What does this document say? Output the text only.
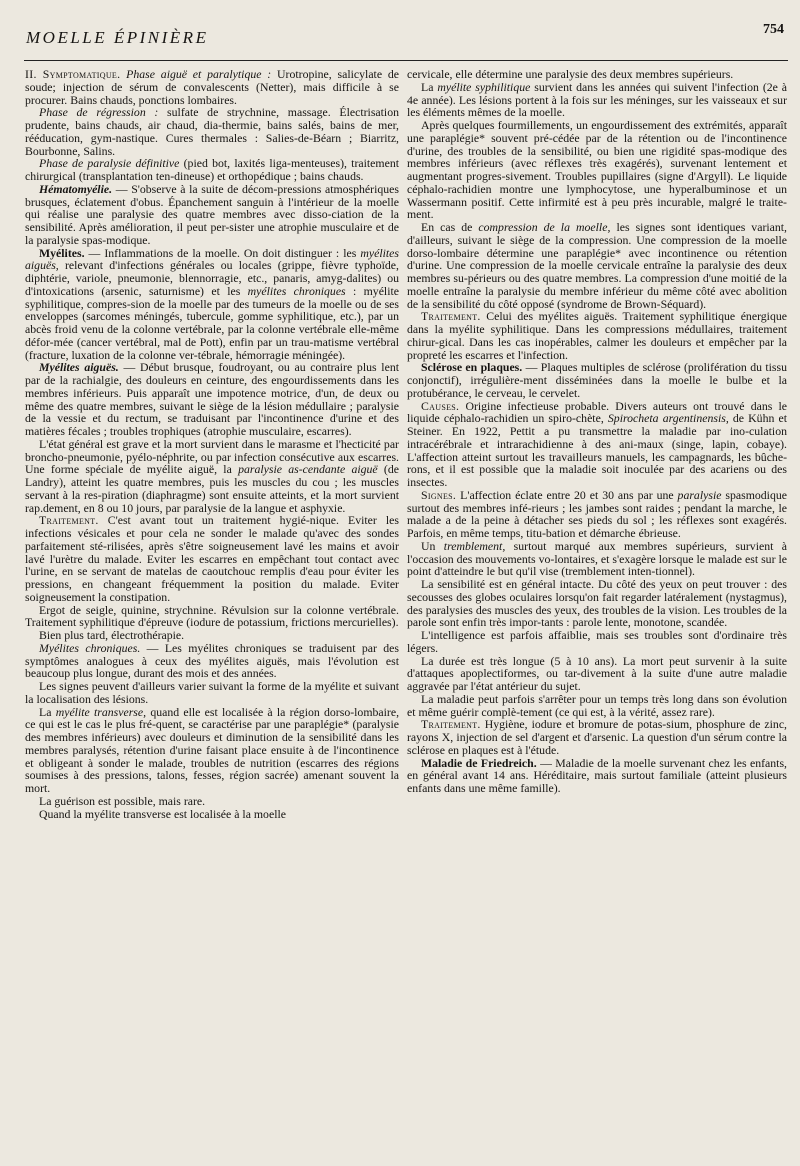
MOELLE ÉPINIÈRE	754

II. Symptomatique. Phase aiguë et paralytique : Urotropine, salicylate de soude; injection de sérum de convalescents (Netter), mais difficile à se procurer. Bains chauds, ponctions lombaires.

Phase de régression : sulfate de strychnine, massage. Électrisation prudente, bains chauds, air chaud, dia-thermie, bains salés, bains de mer, rééducation, gym-nastique. Cures thermales : Salies-de-Béarn ; Biarritz, Bourbonne, Salins.

Phase de paralysie définitive (pied bot, laxités liga-menteuses), traitement chirurgical (transplantation ten-dineuse) et orthopédique ; bains chauds.

Hématomyélie. — S'observe à la suite de décom-pressions atmosphériques brusques, éclatement d'obus. Épanchement sanguin à l'intérieur de la moelle qui réalise une paralysie des quatre membres avec disso-ciation de la sensibilité. Après amélioration, il peut per-sister une atrophie musculaire et de la paralysie spas-modique.

Myélites. — Inflammations de la moelle. On doit distinguer : les myélites aiguës, relevant d'infections générales ou locales (grippe, fièvre typhoïde, diphtérie, variole, pneumonie, blennorragie, etc., panaris, amyg-dalites) ou d'intoxications (arsenic, saturnisme) et les myélites chroniques : myélite syphilitique, compres-sion de la moelle par des tumeurs de la moelle ou de ses enveloppes (sarcomes méningés, tubercule, gomme syphilitique, etc.), par un abcès froid venu de la colonne vertébrale, par la colonne vertébrale elle-même défor-mée (cancer vertébral, mal de Pott), enfin par un trau-matisme vertébral (fracture, luxation de la colonne ver-tébrale, hémorragie méningée).

Myélites aiguës. — Début brusque, foudroyant, ou au contraire plus lent par de la rachialgie, des douleurs en ceinture, des engourdissements dans les membres inférieurs. Puis apparaît une impotence motrice, d'un, de deux ou même des quatre membres, suivant le siège de la lésion médullaire ; paralysie de la vessie et du rectum, se traduisant par l'incontinence d'urine et des matières fécales ; troubles trophiques (atrophie musculaire, escarres).

L'état général est grave et la mort survient dans le marasme et l'hecticité par broncho-pneumonie, pyélo-néphrite, ou par infection consécutive aux escarres. Une forme spéciale de myélite aiguë, la paralysie as-cendante aiguë (de Landry), atteint les quatre membres, puis les muscles du cou ; les muscles servant à la res-piration (diaphragme) sont ensuite atteints, et la mort survient rap.dement, en 8 ou 10 jours, par paralysie de la langue et asphyxie.

Traitement. C'est avant tout un traitement hygié-nique. Eviter les infections vésicales et pour cela ne sonder le malade qu'avec des sondes parfaitement sté-rilisées, après s'être soigneusement lavé les mains et avoir lavé l'urètre du malade. Eviter les escarres en empêchant tout contact avec l'urine, en se servant de matelas de caoutchouc remplis d'eau pour éviter les pressions, en changeant fréquemment la position du malade. Eviter soigneusement la constipation.

Ergot de seigle, quinine, strychnine. Révulsion sur la colonne vertébrale. Traitement syphilitique d'épreuve (iodure de potassium, frictions mercurielles).

Bien plus tard, électrothérapie.

Myélites chroniques. — Les myélites chroniques se traduisent par des symptômes analogues à ceux des myélites aiguës, mais l'évolution est beaucoup plus longue, durant des mois et des années.

Les signes peuvent d'ailleurs varier suivant la forme de la myélite et suivant la localisation des lésions.

La myélite transverse, quand elle est localisée à la région dorso-lombaire, ce qui est le cas le plus fré-quent, se caractérise par une paraplégie* (paralysie des membres inférieurs) avec douleurs et diminution de la sensibilité dans les membres paralysés, rétention d'urine faisant place ensuite à de l'incontinence et obligeant à sonder le malade, troubles de nutrition (escarres des régions soumises à des pressions, talons, fesses, région sacrée) amenant souvent la mort.

La guérison est possible, mais rare.

Quand la myélite transverse est localisée à la moelle

cervicale, elle détermine une paralysie des deux membres supérieurs.

La myélite syphilitique survient dans les années qui suivent l'infection (2e à 4e année). Les lésions portent à la fois sur les méninges, sur les vaisseaux et sur les éléments mêmes de la moelle.

Après quelques fourmillements, un engourdissement des extrémités, apparaît une paraplégie* souvent pré-cédée par de la rétention ou de l'incontinence d'urine, des troubles de la sensibilité, ou bien une rigidité spas-modique des membres inférieurs (avec réflexes très exagérés), survenant lentement et augmentant progres-sivement. Troubles pupillaires (signe d'Argyll). Le liquide céphalo-rachidien montre une lymphocytose, une hyperalbuminose et un Wassermann positif. Cette infirmité est à peu près incurable, malgré le traite-ment.

En cas de compression de la moelle, les signes sont identiques variant, d'ailleurs, suivant le siège de la compression. Une compression de la moelle dorso-lombaire détermine une paraplégie* avec incontinence ou rétention d'urine. Une compression de la moelle cervicale entraîne la paralysie des deux membres su-périeurs ou des quatre membres. La compression d'une moitié de la moelle entraîne la paralysie du membre inférieur du même côté avec abolition de la sensibilité du côté opposé (syndrome de Brown-Séquard).

Traitement. Celui des myélites aiguës. Traitement syphilitique énergique dans la myélite syphilitique. Dans les compressions médullaires, traitement chirur-gical. Dans les cas inopérables, calmer les douleurs et empêcher par la propreté les escarres et l'infection.

Sclérose en plaques. — Plaques multiples de sclérose (prolifération du tissu conjonctif), irrégulière-ment disséminées dans la moelle le bulbe et la protubérance, le cerveau, le cervelet.

Causes. Origine infectieuse probable. Divers auteurs ont trouvé dans le liquide céphalo-rachidien un spiro-chète, Spirocheta argentinensis, de Kühn et Steiner. En 1922, Pettit a pu transmettre la maladie par ino-culation intracérébrale et intrarachidienne à des ani-maux (singe, lapin, cobaye). L'affection atteint surtout les travailleurs manuels, les campagnards, les bûche-rons, et il est possible que la maladie soit inoculée par des acariens ou des insectes.

Signes. L'affection éclate entre 20 et 30 ans par une paralysie spasmodique surtout des membres infé-rieurs ; les jambes sont raides ; pendant la marche, le malade a de la peine à détacher ses pieds du sol ; les réflexes sont exagérés. Parfois, en même temps, titu-bation et démarche ébrieuse.

Un tremblement, surtout marqué aux membres supérieurs, survient à l'occasion des mouvements vo-lontaires, et s'exagère lorsque le malade est sur le point d'atteindre le but qu'il vise (tremblement inten-tionnel).

La sensibilité est en général intacte. Du côté des yeux on peut trouver : des secousses des globes oculaires lorsqu'on fait regarder latéralement (nystagmus), des paralysies des muscles des yeux, des troubles de la vision. Les troubles de la parole sont enfin très impor-tants : parole lente, monotone, scandée.

L'intelligence est parfois affaiblie, mais ses troubles sont d'ordinaire très légers.

La durée est très longue (5 à 10 ans). La mort peut survenir à la suite d'attaques apoplectiformes, ou tar-divement à la suite d'une autre maladie aggravée par l'état antérieur du sujet.

La maladie peut parfois s'arrêter pour un temps très long dans son évolution et même guérir complè-tement (ce qui est, à la vérité, assez rare).

Traitement. Hygiène, iodure et bromure de potas-sium, phosphure de zinc, rayons X, injection de sel d'argent et d'arsenic. La question d'un sérum contre la sclérose en plaques est à l'étude.

Maladie de Friedreich. — Maladie de la moelle survenant chez les enfants, en général avant 14 ans. Héréditaire, mais surtout familiale (atteint plusieurs enfants dans une même famille).
